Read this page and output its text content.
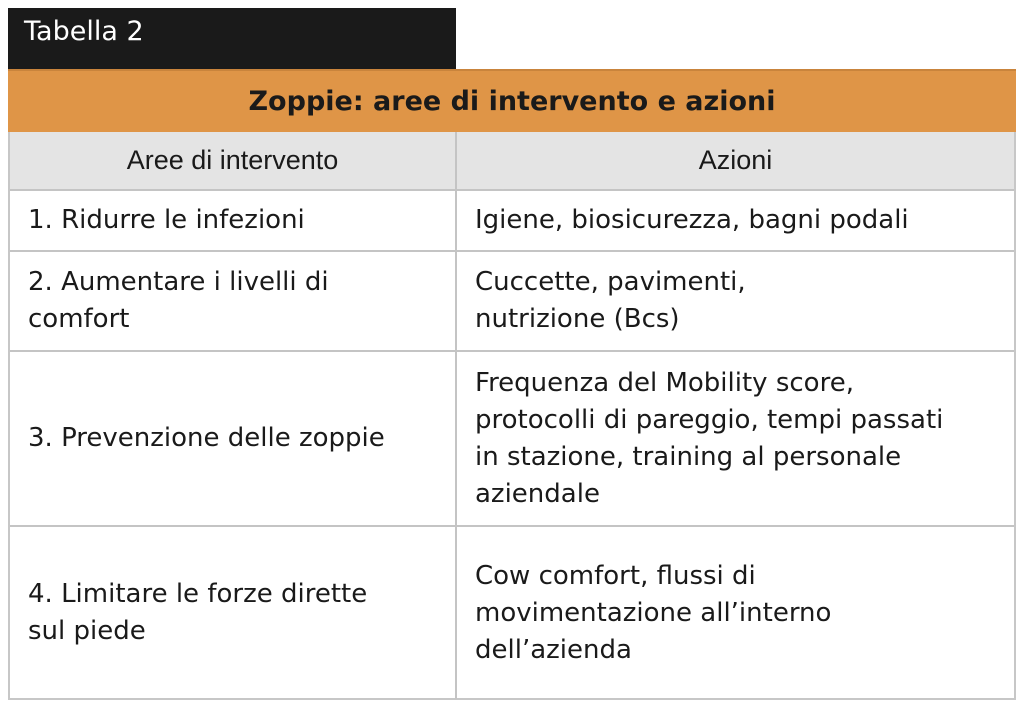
Tabella 2
Zoppie: aree di intervento e azioni
Aree di intervento	Azioni
1. Ridurre le infezioni	Igiene, biosicurezza, bagni podali
2. Aumentare i livelli di
comfort
Cuccette, pavimenti,
nutrizione (Bcs)
3. Prevenzione delle zoppie
Frequenza del Mobility score,
protocolli di pareggio, tempi passati
in stazione, training al personale
aziendale
4. Limitare le forze dirette
sul piede
Cow comfort, flussi di
movimentazione all’interno
dell’azienda
